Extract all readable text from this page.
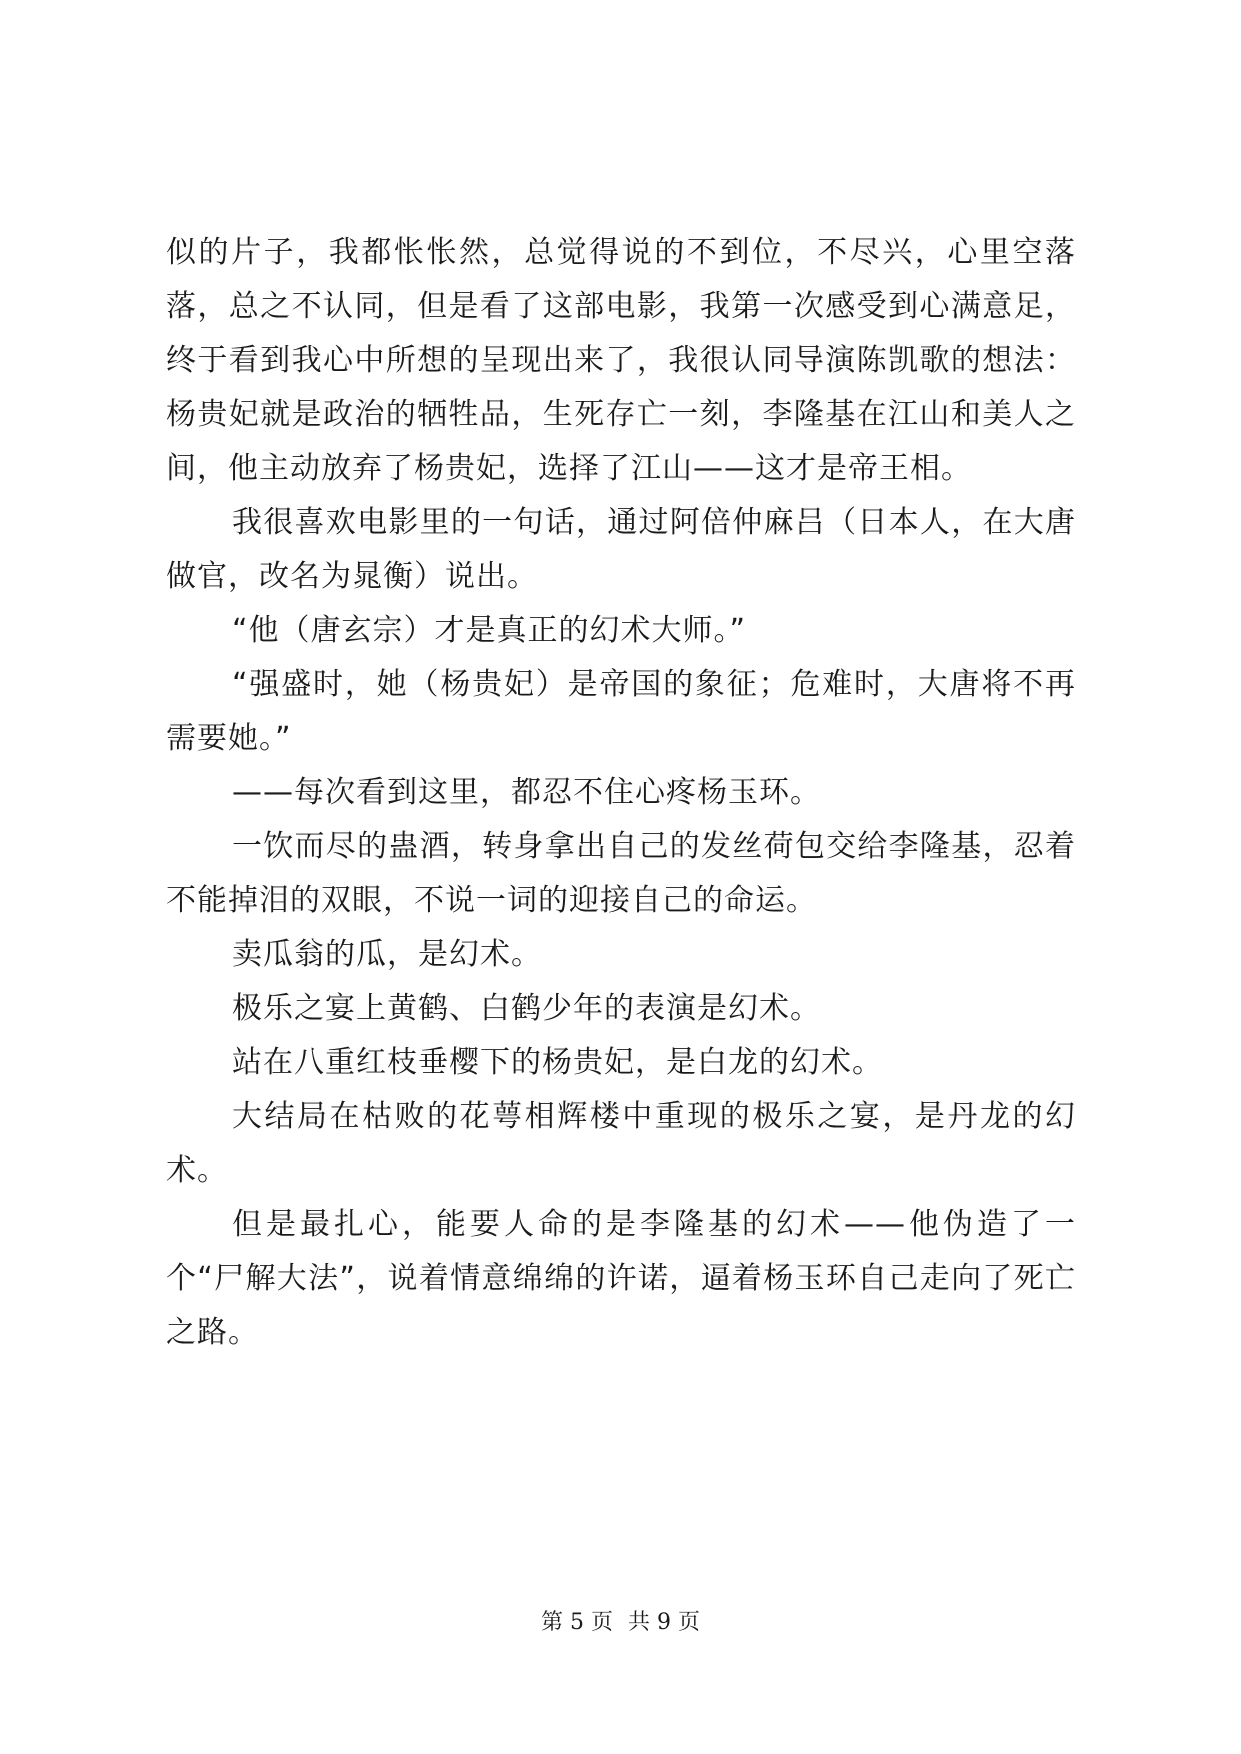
似的片子，我都怅怅然，总觉得说的不到位，不尽兴，心里空落落，总之不认同，但是看了这部电影，我第一次感受到心满意足，终于看到我心中所想的呈现出来了，我很认同导演陈凯歌的想法：杨贵妃就是政治的牺牲品，生死存亡一刻，李隆基在江山和美人之间，他主动放弃了杨贵妃，选择了江山——这才是帝王相。

我很喜欢电影里的一句话，通过阿倍仲麻吕（日本人，在大唐做官，改名为晁衡）说出。

“他（唐玄宗）才是真正的幻术大师。”

“强盛时，她（杨贵妃）是帝国的象征；危难时，大唐将不再需要她。”

——每次看到这里，都忍不住心疼杨玉环。

一饮而尽的蛊酒，转身拿出自己的发丝荷包交给李隆基，忍着不能掉泪的双眼，不说一词的迎接自己的命运。

卖瓜翁的瓜，是幻术。

极乐之宴上黄鹤、白鹤少年的表演是幻术。

站在八重红枝垂樱下的杨贵妃，是白龙的幻术。

大结局在枯败的花萼相辉楼中重现的极乐之宴，是丹龙的幻术。

但是最扎心，能要人命的是李隆基的幻术——他伪造了一个“尸解大法”，说着情意绵绵的许诺，逼着杨玉环自己走向了死亡之路。

第 5 页 共 9 页
